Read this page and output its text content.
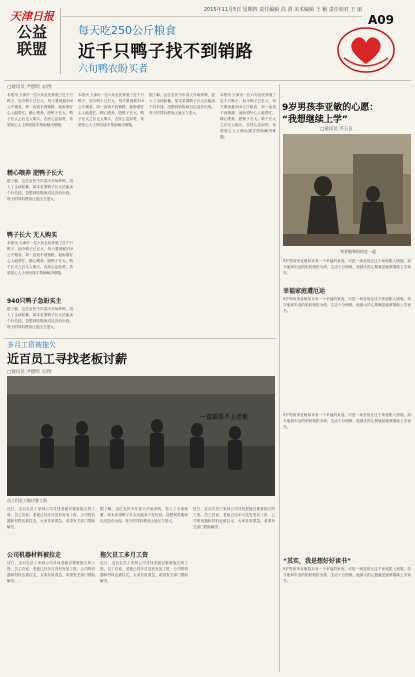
天津日报
公益
联盟
2015年11月5日 星期四 责任编辑 高 清 美术编辑 王 颖 责任校对 王 丽
A09
每天吃250公斤粮食
近千只鸭子找不到销路
六旬鸭农盼买者
□通讯员 尹德明 文/图
本报讯 天津市一位六旬农民养殖了近千只鸭子，如今鸭子已长大，每天要消耗250公斤粮食，却一直找不到销路，他盼望好心人能帮忙。精心喂养，肥鸭子长大。鸭子长大之后无人购买，农民心急如焚，希望爱心人士伸出援手帮助解决难题。
精心喂养 肥鸭子长大
据了解，这位农民今年春天开始养鸭，投入了全部积蓄，原本希望鸭子长大后能卖个好价钱，没想到收购商迟迟没有出现。每天的饲料费用让他压力很大。
鸭子长大 无人购买
本报讯 天津市一位六旬农民养殖了近千只鸭子，如今鸭子已长大，每天要消耗250公斤粮食，却一直找不到销路，他盼望好心人能帮忙。精心喂养，肥鸭子长大。鸭子长大之后无人购买，农民心急如焚，希望爱心人士伸出援手帮助解决难题。
940只鸭子急盼买主
据了解，这位农民今年春天开始养鸭，投入了全部积蓄，原本希望鸭子长大后能卖个好价钱，没想到收购商迟迟没有出现。每天的饲料费用让他压力很大。
本报讯 天津市一位六旬农民养殖了近千只鸭子，如今鸭子已长大，每天要消耗250公斤粮食，却一直找不到销路，他盼望好心人能帮忙。精心喂养，肥鸭子长大。鸭子长大之后无人购买，农民心急如焚，希望爱心人士伸出援手帮助解决难题。
据了解，这位农民今年春天开始养鸭，投入了全部积蓄，原本希望鸭子长大后能卖个好价钱，没想到收购商迟迟没有出现。每天的饲料费用让他压力很大。
本报讯 天津市一位六旬农民养殖了近千只鸭子，如今鸭子已长大，每天要消耗250公斤粮食，却一直找不到销路，他盼望好心人能帮忙。精心喂养，肥鸭子长大。鸭子长大之后无人购买，农民心急如焚，希望爱心人士伸出援手帮助解决难题。
多月工资被拖欠
近百员工寻找老板讨薪
□通讯员 尹德明 文/图
员工们在工地讨要工资
近日，近百名员工来到公司寻找老板讨要被拖欠的工资。员工们说，老板已经多月没有发放工资，公司的机器和材料也被拉走，大家非常着急，希望有关部门帮助解决。
公司机器材料被拉走
近日，近百名员工来到公司寻找老板讨要被拖欠的工资。员工们说，老板已经多月没有发放工资，公司的机器和材料也被拉走，大家非常着急，希望有关部门帮助解决。
据了解，这位农民今年春天开始养鸭，投入了全部积蓄，原本希望鸭子长大后能卖个好价钱，没想到收购商迟迟没有出现。每天的饲料费用让他压力很大。
拖欠员工多月工资
近日，近百名员工来到公司寻找老板讨要被拖欠的工资。员工们说，老板已经多月没有发放工资，公司的机器和材料也被拉走，大家非常着急，希望有关部门帮助解决。
近日，近百名员工来到公司寻找老板讨要被拖欠的工资。员工们说，老板已经多月没有发放工资，公司的机器和材料也被拉走，大家非常着急，希望有关部门帮助解决。
9岁男孩李亚敏的心愿：
“我想继续上学”
□通讯员 李玉良
李亚敏和奶奶在一起
9岁男孩李亚敏原本有一个幸福的家庭，可是一场变故让这个家庭陷入困境。如今他和年迈的奶奶相依为命，生活十分困难，他最大的心愿就是能够继续上学读书。
幸福家庭遭厄运
9岁男孩李亚敏原本有一个幸福的家庭，可是一场变故让这个家庭陷入困境。如今他和年迈的奶奶相依为命，生活十分困难，他最大的心愿就是能够继续上学读书。
一直联系不上老板	9岁男孩李亚敏原本有一个幸福的家庭，可是一场变故让这个家庭陷入困境。如今他和年迈的奶奶相依为命，生活十分困难，他最大的心愿就是能够继续上学读书。
“其实，我是想好好读书”
9岁男孩李亚敏原本有一个幸福的家庭，可是一场变故让这个家庭陷入困境。如今他和年迈的奶奶相依为命，生活十分困难，他最大的心愿就是能够继续上学读书。
